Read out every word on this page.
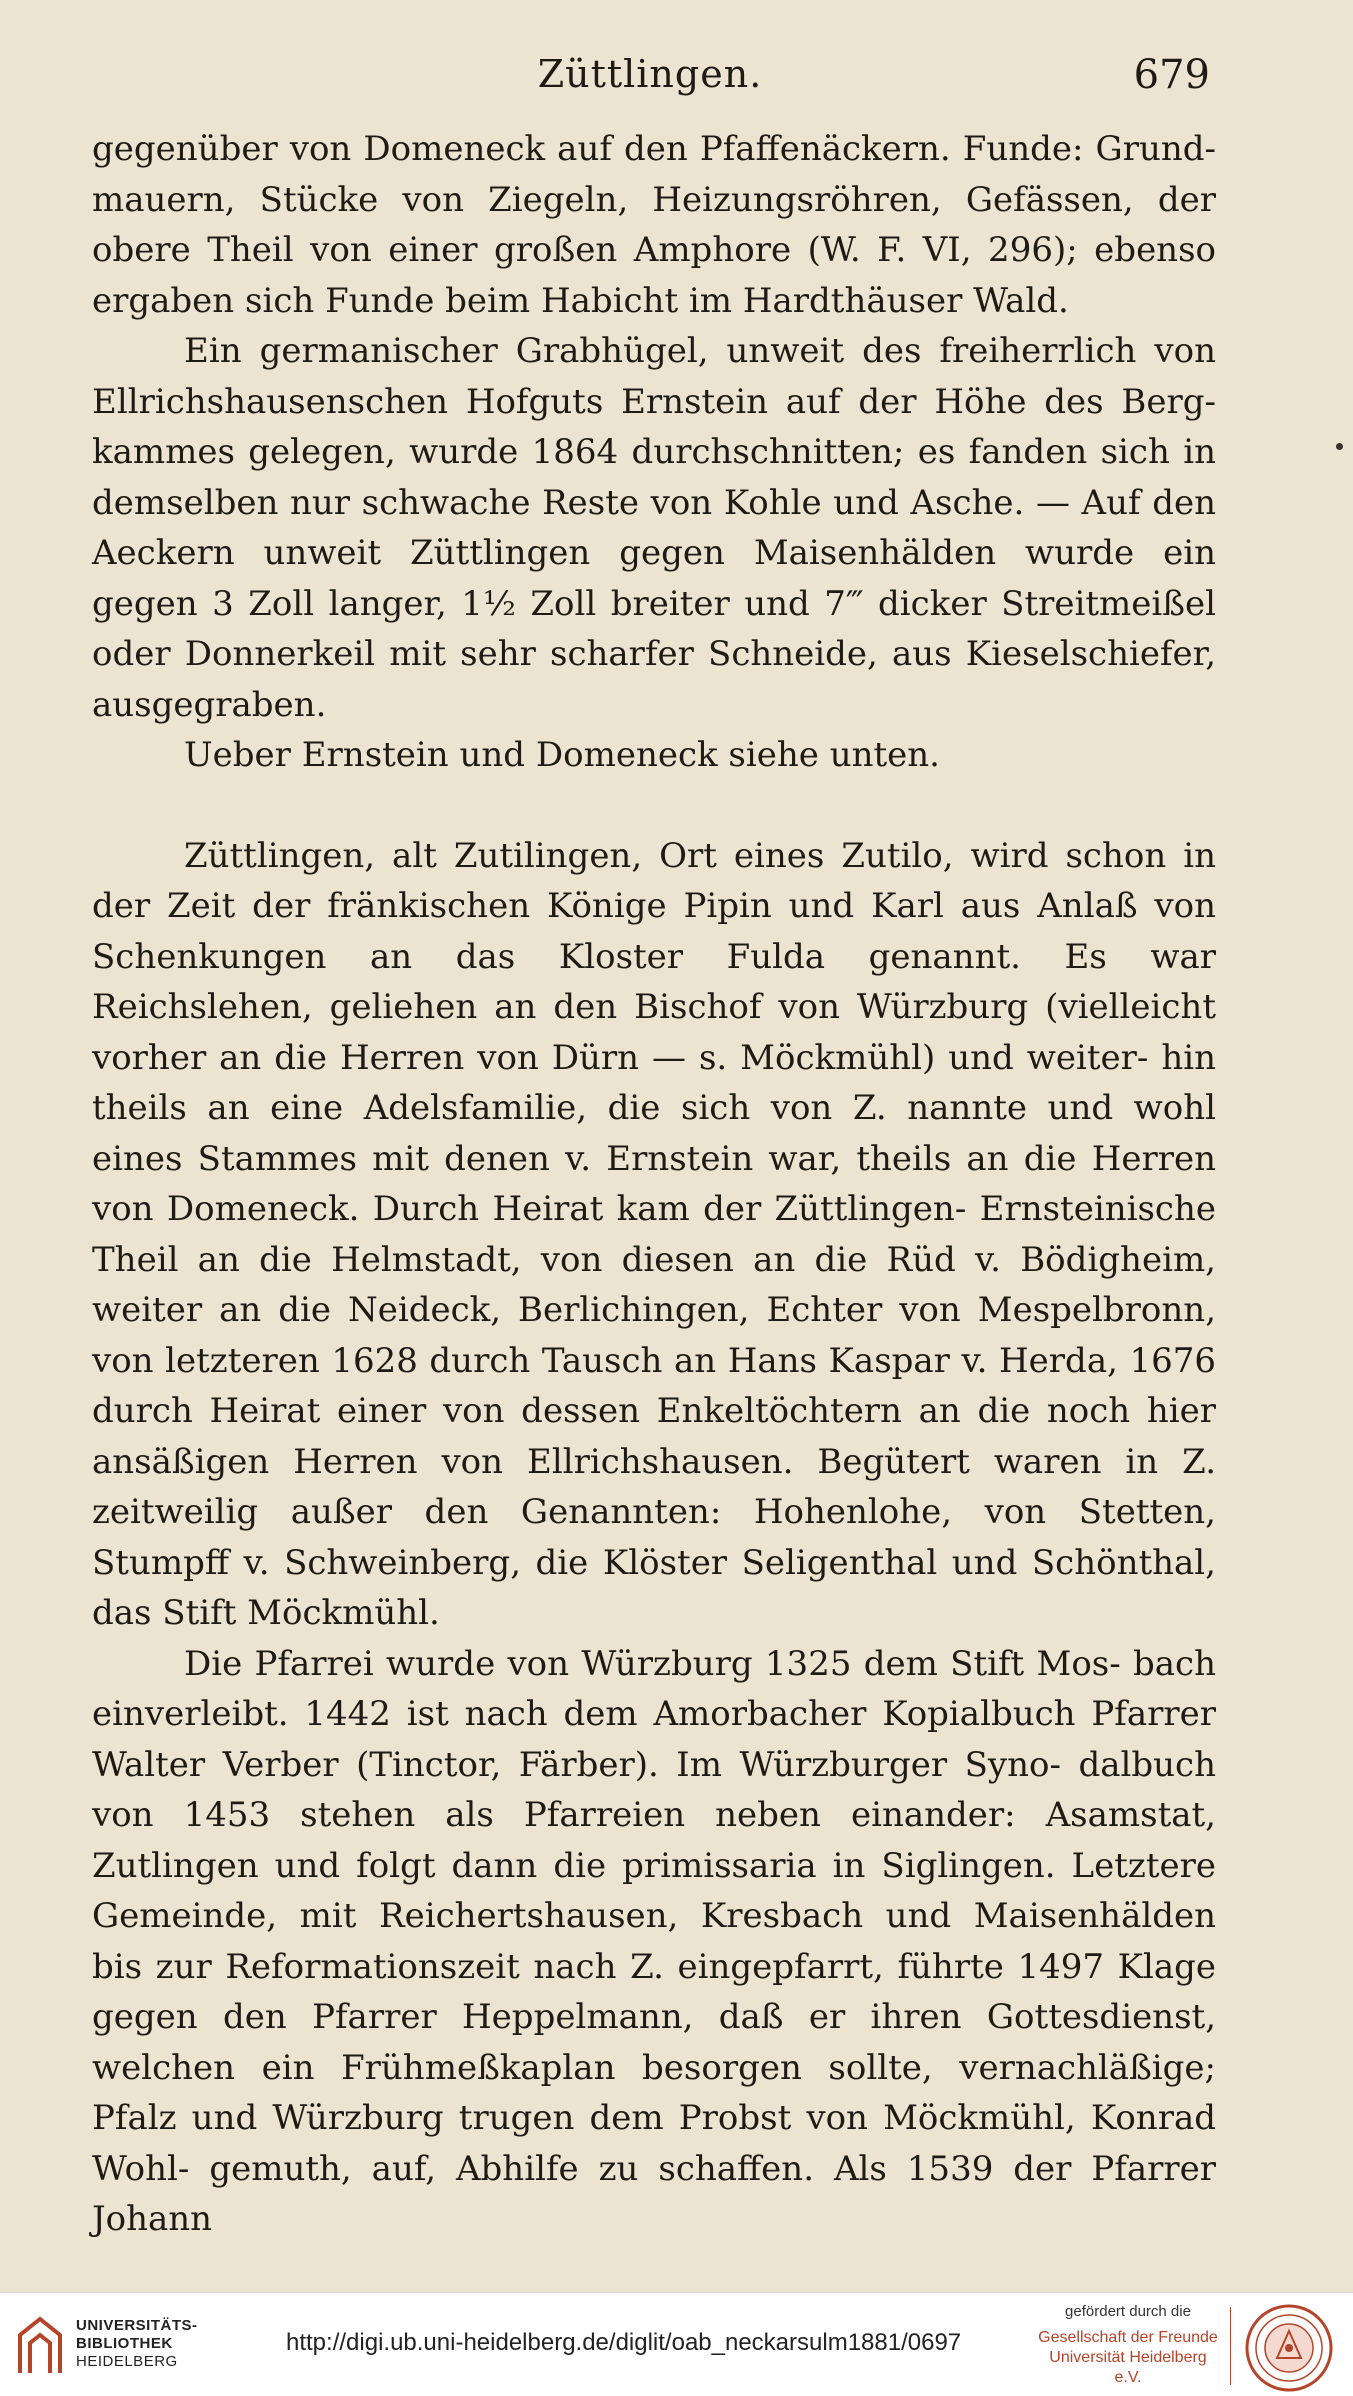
Züttlingen.	679

gegenüber von Domeneck auf den Pfaffenäckern. Funde: Grund- mauern, Stücke von Ziegeln, Heizungsröhren, Gefässen, der obere Theil von einer großen Amphore (W. F. VI, 296); ebenso ergaben sich Funde beim Habicht im Hardthäuser Wald.

Ein germanischer Grabhügel, unweit des freiherrlich von Ellrichshausenschen Hofguts Ernstein auf der Höhe des Berg- kammes gelegen, wurde 1864 durchschnitten; es fanden sich in demselben nur schwache Reste von Kohle und Asche. — Auf den Aeckern unweit Züttlingen gegen Maisenhälden wurde ein gegen 3 Zoll langer, 1½ Zoll breiter und 7‴ dicker Streitmeißel oder Donnerkeil mit sehr scharfer Schneide, aus Kieselschiefer, ausgegraben.

Ueber Ernstein und Domeneck siehe unten.

Züttlingen, alt Zutilingen, Ort eines Zutilo, wird schon in der Zeit der fränkischen Könige Pipin und Karl aus Anlaß von Schenkungen an das Kloster Fulda genannt. Es war Reichslehen, geliehen an den Bischof von Würzburg (vielleicht vorher an die Herren von Dürn — s. Möckmühl) und weiter- hin theils an eine Adelsfamilie, die sich von Z. nannte und wohl eines Stammes mit denen v. Ernstein war, theils an die Herren von Domeneck. Durch Heirat kam der Züttlingen- Ernsteinische Theil an die Helmstadt, von diesen an die Rüd v. Bödigheim, weiter an die Neideck, Berlichingen, Echter von Mespelbronn, von letzteren 1628 durch Tausch an Hans Kaspar v. Herda, 1676 durch Heirat einer von dessen Enkeltöchtern an die noch hier ansäßigen Herren von Ellrichshausen. Begütert waren in Z. zeitweilig außer den Genannten: Hohenlohe, von Stetten, Stumpff v. Schweinberg, die Klöster Seligenthal und Schönthal, das Stift Möckmühl.

Die Pfarrei wurde von Würzburg 1325 dem Stift Mos- bach einverleibt. 1442 ist nach dem Amorbacher Kopialbuch Pfarrer Walter Verber (Tinctor, Färber). Im Würzburger Syno- dalbuch von 1453 stehen als Pfarreien neben einander: Asamstat, Zutlingen und folgt dann die primissaria in Siglingen. Letztere Gemeinde, mit Reichertshausen, Kresbach und Maisenhälden bis zur Reformationszeit nach Z. eingepfarrt, führte 1497 Klage gegen den Pfarrer Heppelmann, daß er ihren Gottesdienst, welchen ein Frühmeßkaplan besorgen sollte, vernachläßige; Pfalz und Würzburg trugen dem Probst von Möckmühl, Konrad Wohl- gemuth, auf, Abhilfe zu schaffen. Als 1539 der Pfarrer Johann

UNIVERSITÄTS-
BIBLIOTHEK
HEIDELBERG
http://digi.ub.uni-heidelberg.de/diglit/oab_neckarsulm1881/0697
gefördert durch die
Gesellschaft der Freunde
Universität Heidelberg e.V.
